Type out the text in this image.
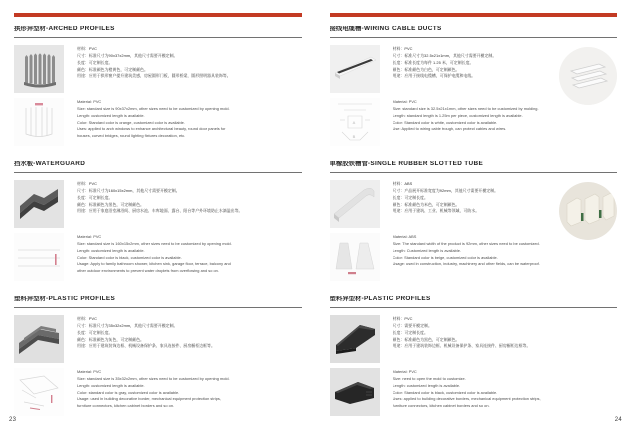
拱形异型材-ARCHED PROFILES
材料：PVC
尺寸：标准尺寸为90x37x2mm，其他尺寸需要开模定制。
长度：可定制长度。
颜色：标准颜色为橙黄色，可定制颜色。
用途：应用于拱形窗户提升建筑美感，房屋圆形门板，圆形桥梁，圆形照明器具装饰等。
Material: PVC
Size: standard size is 90x37x2mm, other sizes need to be customized by opening mold.
Length: customized length is available.
Color: Standard color is orange, customized color is available.
Uses: applied to arch windows to enhance architectural beauty, round door panels for
houses, curved bridges, round lighting fixtures decoration, etc.
挡水板-WATERGUARD
材料：PVC
尺寸：标准尺寸为160x15x2mm，其他尺寸需要开模定制。
长度：可定制长度。
颜色：标准颜色为黑色，可定制颜色。
用途：应用于家庭浴室淋浴间、厨房水池、车库地面、露台、阳台等户外环境防止水滴溢出等。
Material: PVC
Size: standard size is 160x15x2mm, other sizes need to be customized by opening mold.
Length: customized length is available.
Color: Standard color is black, customized color is available.
Usage: Apply to family bathroom shower, kitchen sink, garage floor, terrace, balcony and
other outdoor environments to prevent water droplets from overflowing and so on.
塑料异型材-PLASTIC PROFILES
材料：PVC
尺寸：标准尺寸为35x32x2mm，其他尺寸需要开模定制。
长度：可定制长度。
颜色：标准颜色为灰色，可定制颜色。
用途：应用于建筑装饰边框、机械设备保护条、家具连接件、厨房橱柜边框等。
Material: PVC
Size: standard size is 35x32x2mm, other sizes need to be customized by opening mold.
Length: customized length is available.
Color: standard color is gray, customized color is available.
Usage: used in building decorative border, mechanical equipment protection strips,
furniture connectors, kitchen cabinet borders and so on.
23
接线电缆槽-WIRING CABLE DUCTS
材料：PVC
尺寸：标准尺寸为32.5x21x1mm，其他尺寸需要开模定制。
长度：标准长度为每件 1.25 米，可定制长度。
颜色：标准颜色为白色，可定制颜色。
用途：应用于接线电缆槽，可保护电缆和电线。
A
B
Material: PVC
Size: standard size is 32.5x21x1mm, other sizes need to be customized by molding.
Length: standard length is 1.25m per piece, customized length is available.
Color: Standard color is white, customized color is available.
Use: Applied to wiring cable trough, can protect cables and wires.
单橡胶铁槽管-SINGLE RUBBER SLOTTED TUBE
材料：ABS
尺寸：产品展开标准宽度为92mm，其他尺寸需要开模定制。
长度：可定制长度。
颜色：标准颜色为米色，可定制颜色。
用途：应用于建筑、工业、机械等领域，可防水。
Material: ABS
Size: The standard width of the product is 92mm, other sizes need to be customized.
Length: Customized length is available.
Color: Standard color is beige, customized color is available.
Usage: used in construction, industry, machinery and other fields, can be waterproof.
塑料异型材-PLASTIC PROFILES
材料：PVC
尺寸：需要开模定制。
长度：可定制长度。
颜色：标准颜色为黑色，可定制颜色。
用途：应用于建筑装饰边框、机械设备保护条、家具连接件、厨房橱柜边框等。
Material: PVC
Size: need to open the mold to customize.
Length: customized length is available.
Color: Standard color is black, customized color is available.
Uses: applied to building decorative borders, mechanical equipment protection strips,
furniture connectors, kitchen cabinet borders and so on.
24
